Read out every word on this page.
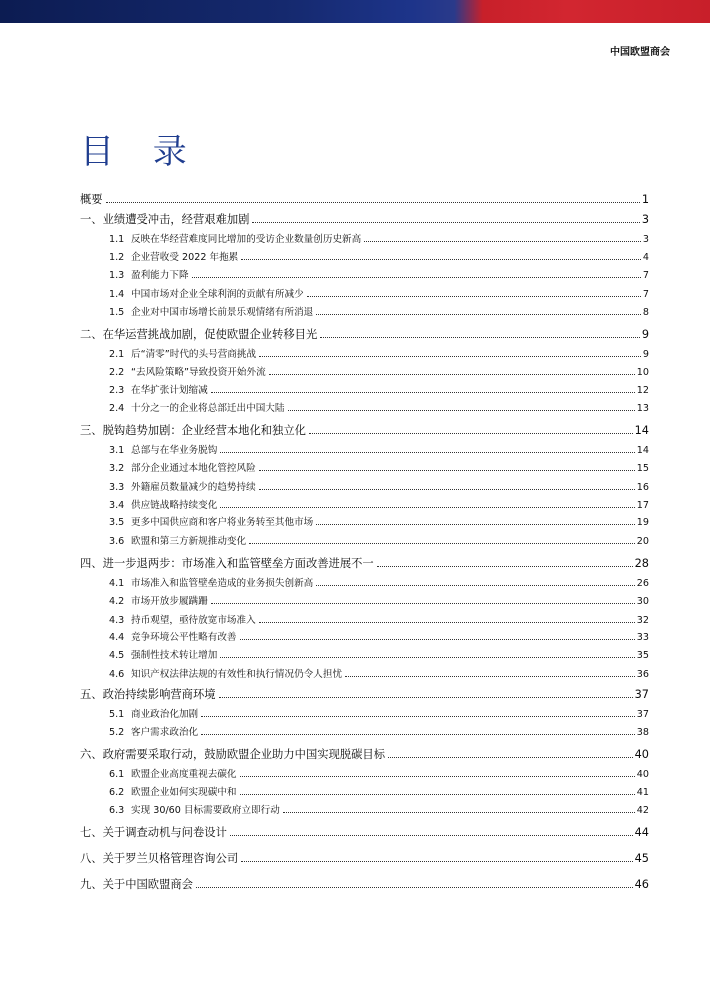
中国欧盟商会
目 录
概要	1
一、业绩遭受冲击，经营艰难加剧	3
1.1 反映在华经营难度同比增加的受访企业数量创历史新高	3
1.2 企业营收受 2022 年拖累	4
1.3 盈利能力下降	7
1.4 中国市场对企业全球利润的贡献有所减少	7
1.5 企业对中国市场增长前景乐观情绪有所消退	8
二、在华运营挑战加剧，促使欧盟企业转移目光	9
2.1 后“清零”时代的头号营商挑战	9
2.2 “去风险策略”导致投资开始外流	10
2.3 在华扩张计划缩减	12
2.4 十分之一的企业将总部迁出中国大陆	13
三、脱钩趋势加剧：企业经营本地化和独立化	14
3.1 总部与在华业务脱钩	14
3.2 部分企业通过本地化管控风险	15
3.3 外籍雇员数量减少的趋势持续	16
3.4 供应链战略持续变化	17
3.5 更多中国供应商和客户将业务转至其他市场	19
3.6 欧盟和第三方新规推动变化	20
四、进一步退两步：市场准入和监管壁垒方面改善进展不一	28
4.1 市场准入和监管壁垒造成的业务损失创新高	26
4.2 市场开放步履蹒跚	30
4.3 持币观望，亟待放宽市场准入	32
4.4 竞争环境公平性略有改善	33
4.5 强制性技术转让增加	35
4.6 知识产权法律法规的有效性和执行情况仍令人担忧	36
五、政治持续影响营商环境	37
5.1 商业政治化加剧	37
5.2 客户需求政治化	38
六、政府需要采取行动，鼓励欧盟企业助力中国实现脱碳目标	40
6.1 欧盟企业高度重视去碳化	40
6.2 欧盟企业如何实现碳中和	41
6.3 实现 30/60 目标需要政府立即行动	42
七、关于调查动机与问卷设计	44
八、关于罗兰贝格管理咨询公司	45
九、关于中国欧盟商会	46
